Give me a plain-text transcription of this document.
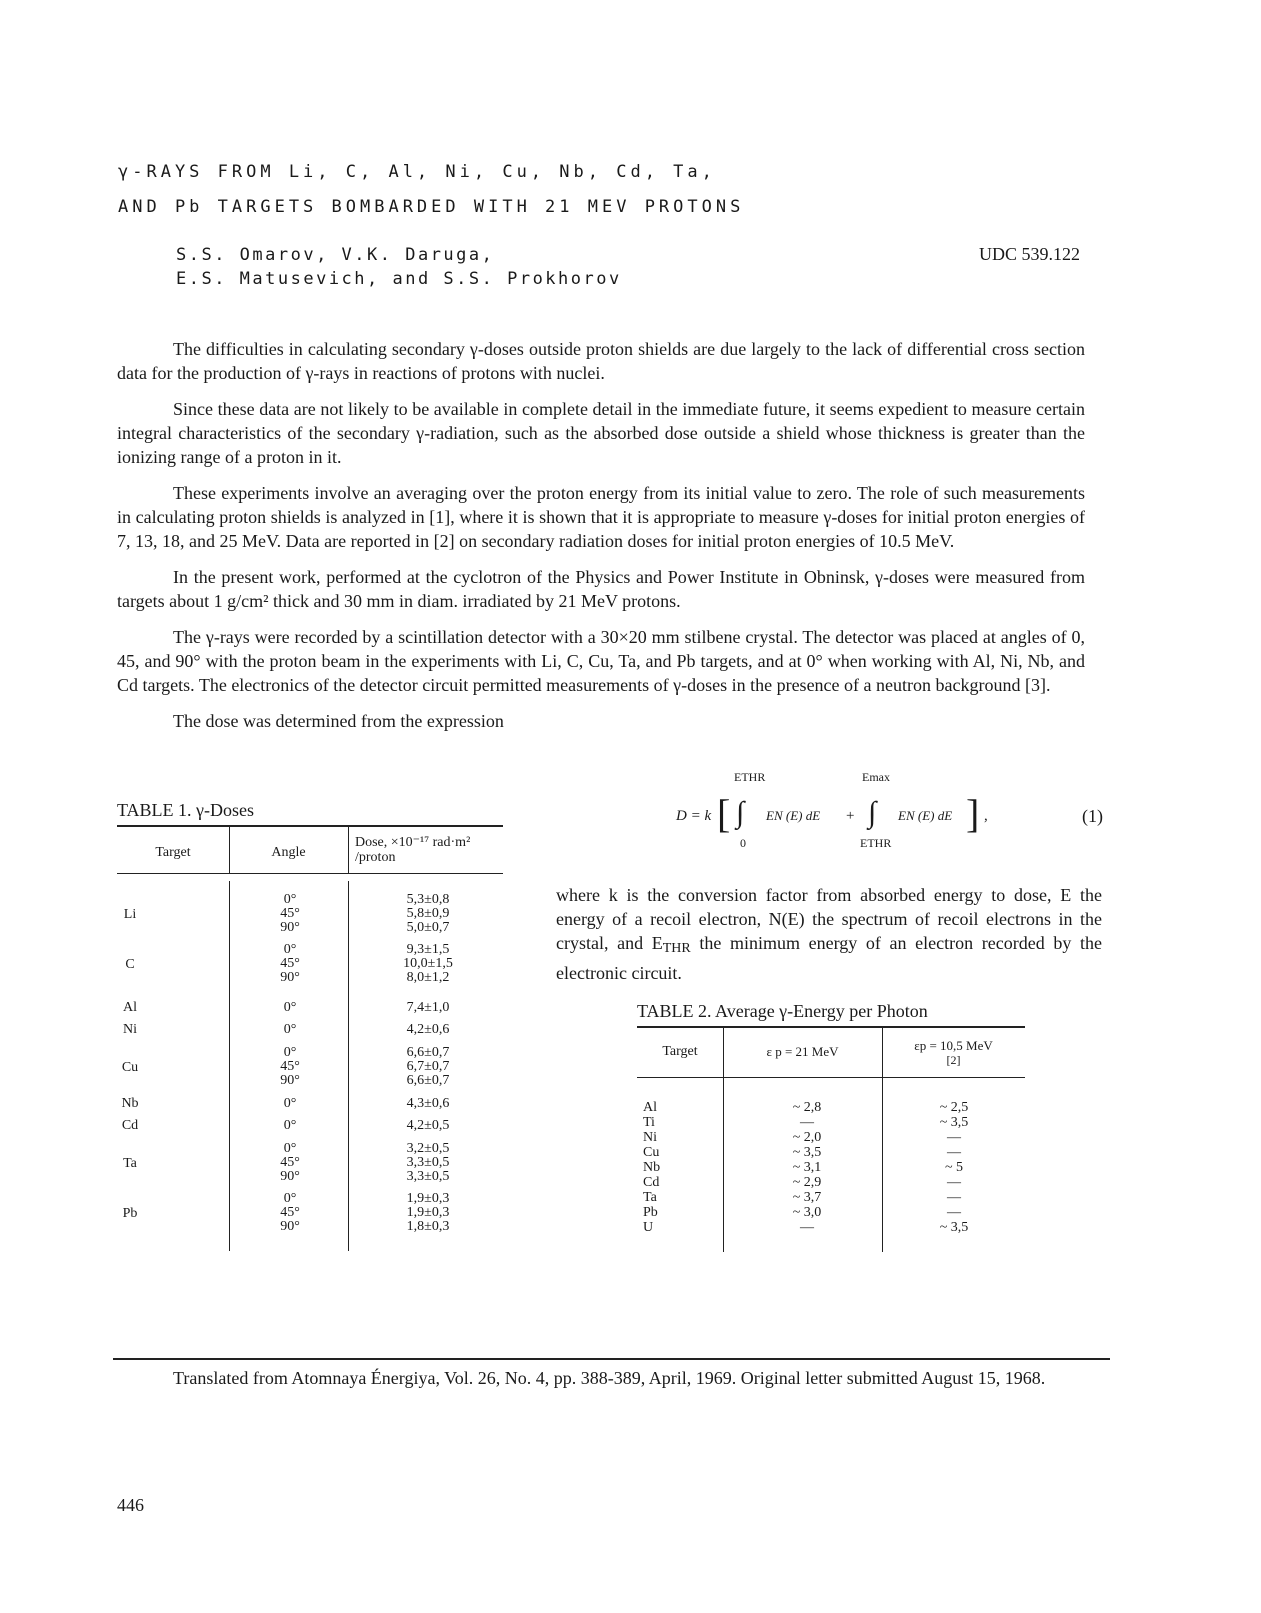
γ-RAYS FROM Li, C, Al, Ni, Cu, Nb, Cd, Ta,
AND Pb TARGETS BOMBARDED WITH 21 MEV PROTONS
S.S. Omarov, V.K. Daruga,
E.S. Matusevich, and S.S. Prokhorov
UDC 539.122

The difficulties in calculating secondary γ-doses outside proton shields are due largely to the lack of differential cross section data for the production of γ-rays in reactions of protons with nuclei.

Since these data are not likely to be available in complete detail in the immediate future, it seems expedient to measure certain integral characteristics of the secondary γ-radiation, such as the absorbed dose outside a shield whose thickness is greater than the ionizing range of a proton in it.

These experiments involve an averaging over the proton energy from its initial value to zero. The role of such measurements in calculating proton shields is analyzed in [1], where it is shown that it is appropriate to measure γ-doses for initial proton energies of 7, 13, 18, and 25 MeV. Data are reported in [2] on secondary radiation doses for initial proton energies of 10.5 MeV.

In the present work, performed at the cyclotron of the Physics and Power Institute in Obninsk, γ-doses were measured from targets about 1 g/cm² thick and 30 mm in diam. irradiated by 21 MeV protons.

The γ-rays were recorded by a scintillation detector with a 30×20 mm stilbene crystal. The detector was placed at angles of 0, 45, and 90° with the proton beam in the experiments with Li, C, Cu, Ta, and Pb targets, and at 0° when working with Al, Ni, Nb, and Cd targets. The electronics of the detector circuit permitted measurements of γ-doses in the presence of a neutron background [3].

The dose was determined from the expression

TABLE 1. γ-Doses
Target	Angle
Dose, ×10⁻¹⁷ rad·m²
/proton
Li
0°	5,3±0,8
45°	5,8±0,9
90°	5,0±0,7
C
0°	9,3±1,5
45°	10,0±1,5
90°	8,0±1,2
Al	0°	7,4±1,0
Ni	0°	4,2±0,6
Cu
0°	6,6±0,7
45°	6,7±0,7
90°	6,6±0,7
Nb	0°	4,3±0,6
Cd	0°	4,2±0,5
Ta
0°	3,2±0,5
45°	3,3±0,5
90°	3,3±0,5
Pb
0°	1,9±0,3
45°	1,9±0,3
90°	1,8±0,3
D = k [
ETHR
∫
0
EN (E) dE +
Emax
∫
ETHR
EN (E) dE ] ,	(1)
where k is the conversion factor from absorbed energy to dose, E the energy of a recoil electron, N(E) the spectrum of recoil electrons in the crystal, and ETHR the minimum energy of an electron recorded by the electronic circuit.
TABLE 2. Average γ-Energy per Photon
Target	ε p = 21 MeV	εp = 10,5 MeV
[2]
Al	~ 2,8	~ 2,5
Ti	—	~ 3,5
Ni	~ 2,0	—
Cu	~ 3,5	—
Nb	~ 3,1	~ 5
Cd	~ 2,9	—
Ta	~ 3,7	—
Pb	~ 3,0	—
U	—	~ 3,5
Translated from Atomnaya Énergiya, Vol. 26, No. 4, pp. 388-389, April, 1969. Original letter submitted August 15, 1968.
446
